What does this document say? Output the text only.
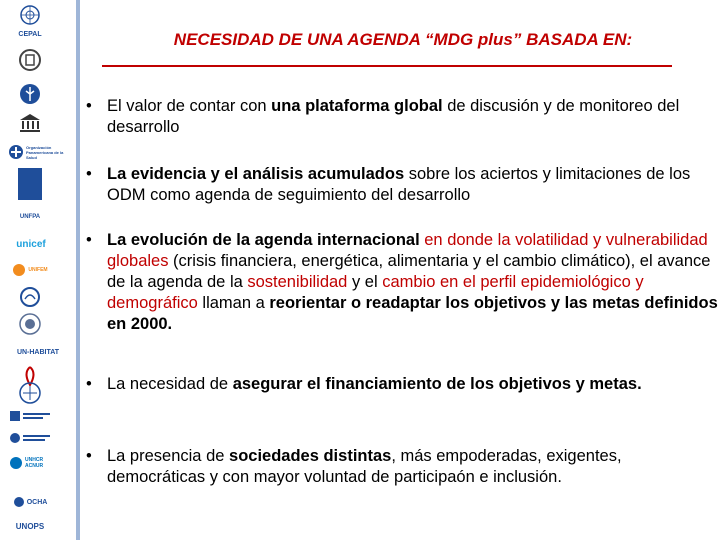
CEPAL
Organización Panamericana de la Salud
UNFPA
unicef
UNIFEM
UN-HABITAT
UNHCR ACNUR
OCHA
UNOPS
NECESIDAD DE UNA AGENDA “MDG plus” BASADA EN:
• El valor de contar con una plataforma global de discusión y de monitoreo del desarrollo
• La evidencia y el análisis acumulados sobre los aciertos y limitaciones de los ODM como agenda de seguimiento del desarrollo
• La evolución de la agenda internacional en donde la volatilidad y vulnerabilidad globales (crisis financiera, energética, alimentaria y el cambio climático), el avance de la agenda de la sostenibilidad y el cambio en el perfil epidemiológico y demográfico llaman a reorientar o readaptar los objetivos y las metas definidos en 2000.
• La necesidad de asegurar el financiamiento de los objetivos y metas.
• La presencia de sociedades distintas, más empoderadas, exigentes, democráticas y con mayor voluntad de participaón e inclusión.
